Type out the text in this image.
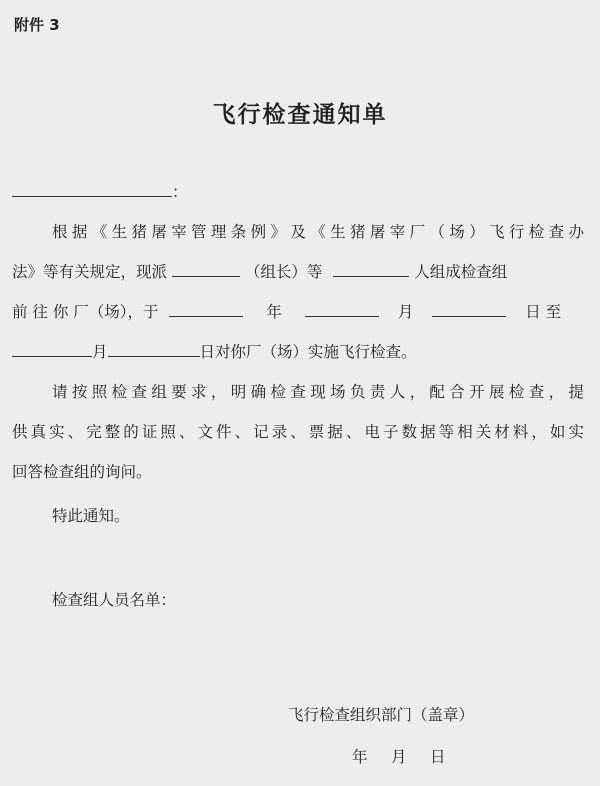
附件 3
飞行检查通知单
：
根据《生猪屠宰管理条例》及《生猪屠宰厂（场）飞行检查办
法》等有关规定，现派	（组长）等	人组成检查组
前 往 你 厂（场），于	年	月	日 至
月	日对你厂（场）实施飞行检查。
请按照检查组要求，明确检查现场负责人，配合开展检查，提
供真实、完整的证照、文件、记录、票据、电子数据等相关材料，如实
回答检查组的询问。
特此通知。
检查组人员名单：
飞行检查组织部门（盖章）
年　月　日
